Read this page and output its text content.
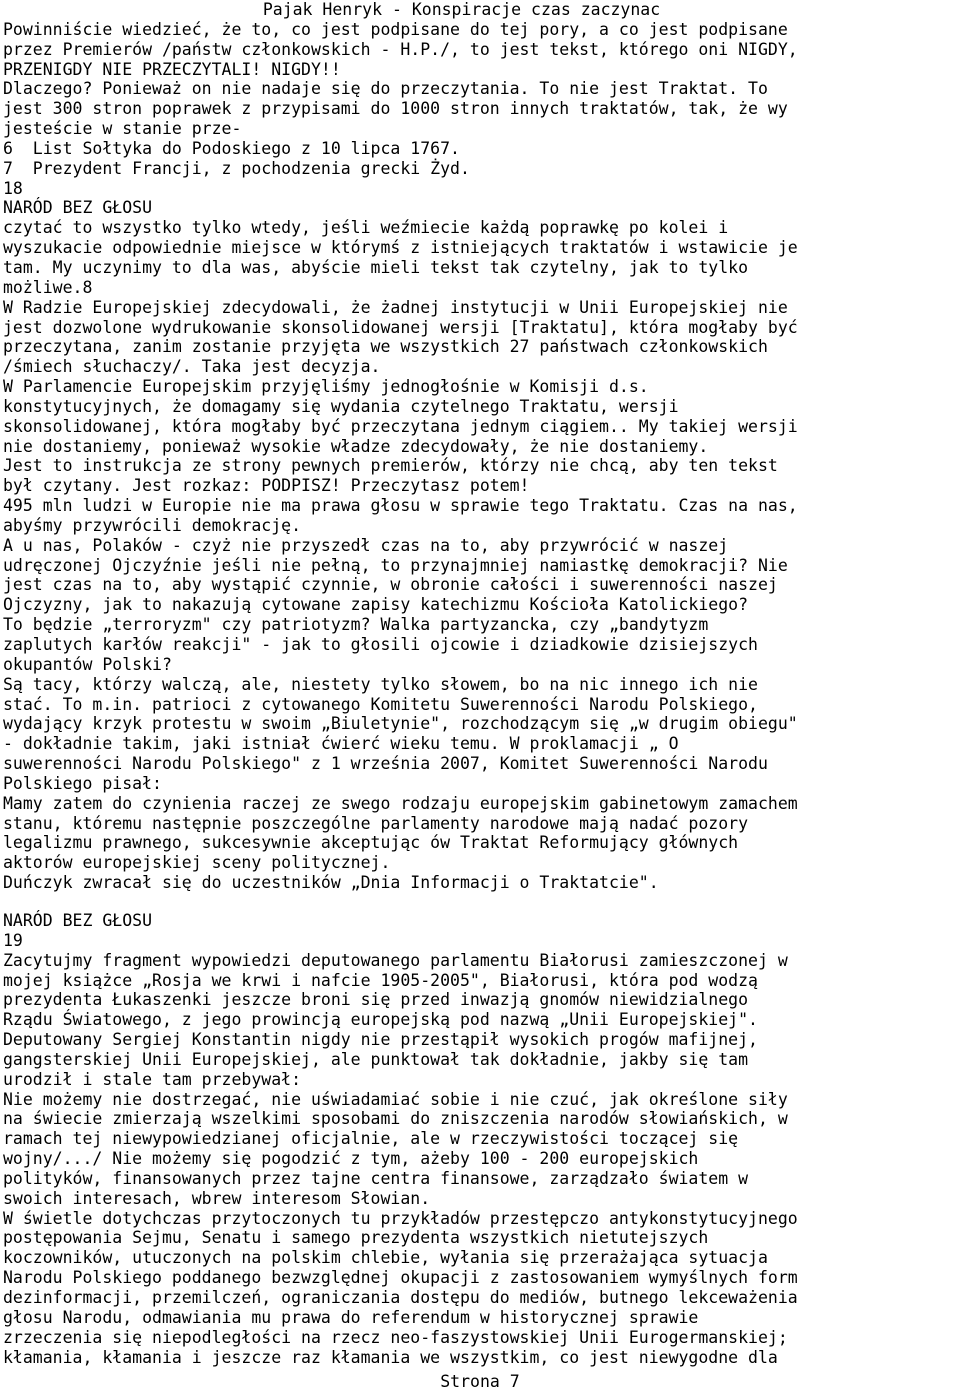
Pajak Henryk - Konspiracje czas zaczynac
Powinniście wiedzieć, że to, co jest podpisane do tej pory, a co jest podpisane
przez Premierów /państw członkowskich - H.P./, to jest tekst, którego oni NIGDY,
PRZENIGDY NIE PRZECZYTALI! NIGDY!!
Dlaczego? Ponieważ on nie nadaje się do przeczytania. To nie jest Traktat. To
jest 300 stron poprawek z przypisami do 1000 stron innych traktatów, tak, że wy
jesteście w stanie prze-
6  List Sołtyka do Podoskiego z 10 lipca 1767.
7  Prezydent Francji, z pochodzenia grecki Żyd.
18
NARÓD BEZ GŁOSU
czytać to wszystko tylko wtedy, jeśli weźmiecie każdą poprawkę po kolei i
wyszukacie odpowiednie miejsce w którymś z istniejących traktatów i wstawicie je
tam. My uczynimy to dla was, abyście mieli tekst tak czytelny, jak to tylko
możliwe.8
W Radzie Europejskiej zdecydowali, że żadnej instytucji w Unii Europejskiej nie
jest dozwolone wydrukowanie skonsolidowanej wersji [Traktatu], która mogłaby być
przeczytana, zanim zostanie przyjęta we wszystkich 27 państwach członkowskich
/śmiech słuchaczy/. Taka jest decyzja.
W Parlamencie Europejskim przyjęliśmy jednogłośnie w Komisji d.s.
konstytucyjnych, że domagamy się wydania czytelnego Traktatu, wersji
skonsolidowanej, która mogłaby być przeczytana jednym ciągiem.. My takiej wersji
nie dostaniemy, ponieważ wysokie władze zdecydowały, że nie dostaniemy.
Jest to instrukcja ze strony pewnych premierów, którzy nie chcą, aby ten tekst
był czytany. Jest rozkaz: PODPISZ! Przeczytasz potem!
495 mln ludzi w Europie nie ma prawa głosu w sprawie tego Traktatu. Czas na nas,
abyśmy przywrócili demokrację.
A u nas, Polaków - czyż nie przyszedł czas na to, aby przywrócić w naszej
udręczonej Ojczyźnie jeśli nie pełną, to przynajmniej namiastkę demokracji? Nie
jest czas na to, aby wystąpić czynnie, w obronie całości i suwerenności naszej
Ojczyzny, jak to nakazują cytowane zapisy katechizmu Kościoła Katolickiego?
To będzie „terroryzm" czy patriotyzm? Walka partyzancka, czy „bandytyzm
zaplutych karłów reakcji" - jak to głosili ojcowie i dziadkowie dzisiejszych
okupantów Polski?
Są tacy, którzy walczą, ale, niestety tylko słowem, bo na nic innego ich nie
stać. To m.in. patrioci z cytowanego Komitetu Suwerenności Narodu Polskiego,
wydający krzyk protestu w swoim „Biuletynie", rozchodzącym się „w drugim obiegu"
- dokładnie takim, jaki istniał ćwierć wieku temu. W proklamacji „ O
suwerenności Narodu Polskiego" z 1 września 2007, Komitet Suwerenności Narodu
Polskiego pisał:
Mamy zatem do czynienia raczej ze swego rodzaju europejskim gabinetowym zamachem
stanu, któremu następnie poszczególne parlamenty narodowe mają nadać pozory
legalizmu prawnego, sukcesywnie akceptując ów Traktat Reformujący głównych
aktorów europejskiej sceny politycznej.
Duńczyk zwracał się do uczestników „Dnia Informacji o Traktatcie".
NARÓD BEZ GŁOSU
19
Zacytujmy fragment wypowiedzi deputowanego parlamentu Białorusi zamieszczonej w
mojej książce „Rosja we krwi i nafcie 1905-2005", Białorusi, która pod wodzą
prezydenta Łukaszenki jeszcze broni się przed inwazją gnomów niewidzialnego
Rządu Światowego, z jego prowincją europejską pod nazwą „Unii Europejskiej".
Deputowany Sergiej Konstantin nigdy nie przestąpił wysokich progów mafijnej,
gangsterskiej Unii Europejskiej, ale punktował tak dokładnie, jakby się tam
urodził i stale tam przebywał:
Nie możemy nie dostrzegać, nie uświadamiać sobie i nie czuć, jak określone siły
na świecie zmierzają wszelkimi sposobami do zniszczenia narodów słowiańskich, w
ramach tej niewypowiedzianej oficjalnie, ale w rzeczywistości toczącej się
wojny/.../ Nie możemy się pogodzić z tym, ażeby 100 - 200 europejskich
polityków, finansowanych przez tajne centra finansowe, zarządzało światem w
swoich interesach, wbrew interesom Słowian.
W świetle dotychczas przytoczonych tu przykładów przestępczo antykonstytucyjnego
postępowania Sejmu, Senatu i samego prezydenta wszystkich nietutejszych
koczowników, utuczonych na polskim chlebie, wyłania się przerażająca sytuacja
Narodu Polskiego poddanego bezwzględnej okupacji z zastosowaniem wymyślnych form
dezinformacji, przemilczeń, ograniczania dostępu do mediów, butnego lekceważenia
głosu Narodu, odmawiania mu prawa do referendum w historycznej sprawie
zrzeczenia się niepodległości na rzecz neo-faszystowskiej Unii Eurogermanskiej;
kłamania, kłamania i jeszcze raz kłamania we wszystkim, co jest niewygodne dla
Strona 7
